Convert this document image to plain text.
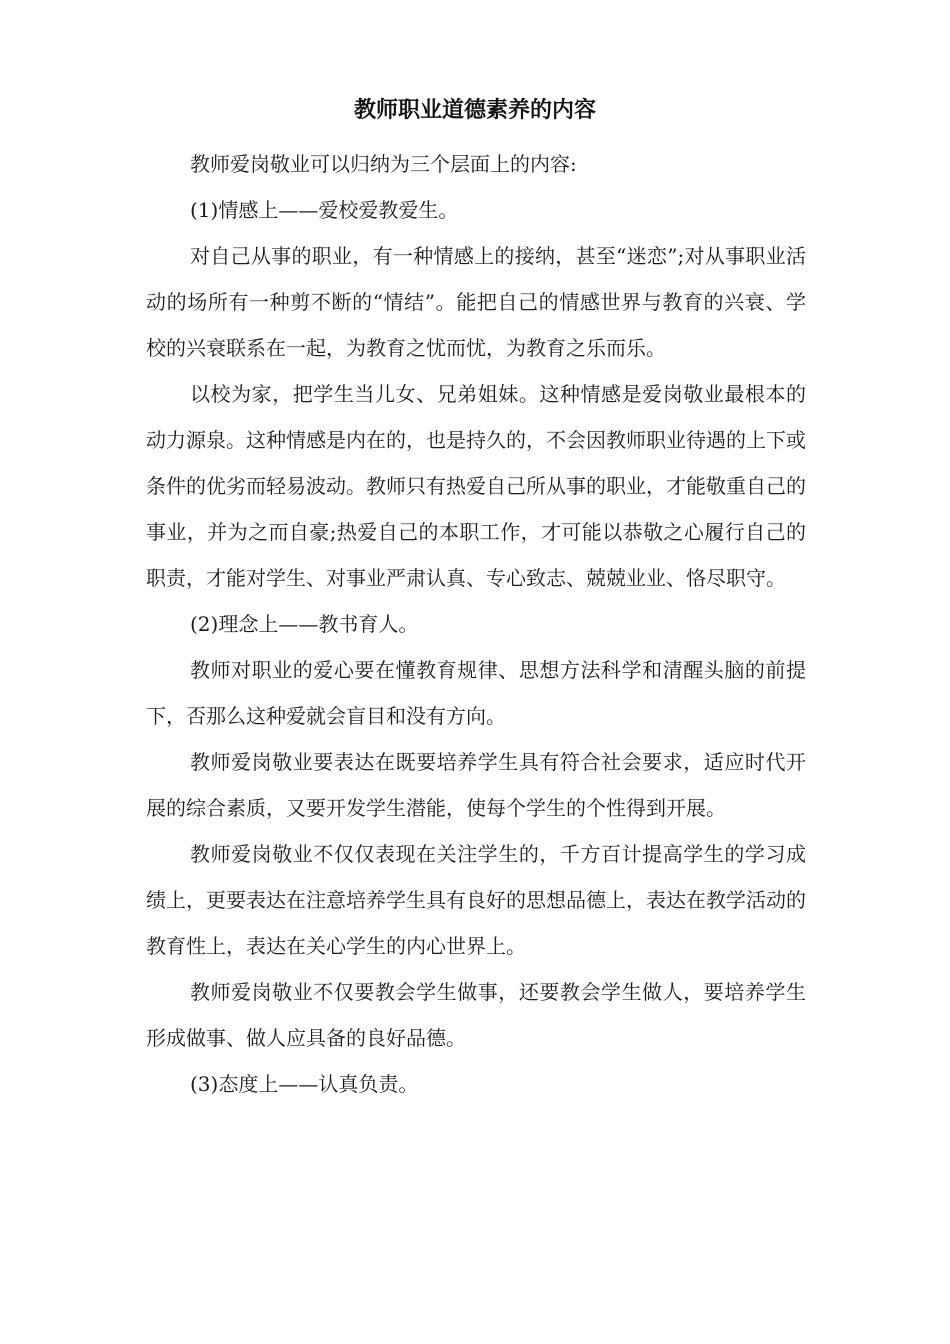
教师职业道德素养的内容

教师爱岗敬业可以归纳为三个层面上的内容:

(1)情感上——爱校爱教爱生。

对自己从事的职业，有一种情感上的接纳，甚至“迷恋”;对从事职业活动的场所有一种剪不断的“情结”。能把自己的情感世界与教育的兴衰、学校的兴衰联系在一起，为教育之忧而忧，为教育之乐而乐。

以校为家，把学生当儿女、兄弟姐妹。这种情感是爱岗敬业最根本的动力源泉。这种情感是内在的，也是持久的，不会因教师职业待遇的上下或条件的优劣而轻易波动。教师只有热爱自己所从事的职业，才能敬重自己的事业，并为之而自豪;热爱自己的本职工作，才可能以恭敬之心履行自己的职责，才能对学生、对事业严肃认真、专心致志、兢兢业业、恪尽职守。

(2)理念上——教书育人。

教师对职业的爱心要在懂教育规律、思想方法科学和清醒头脑的前提下，否那么这种爱就会盲目和没有方向。

教师爱岗敬业要表达在既要培养学生具有符合社会要求，适应时代开展的综合素质，又要开发学生潜能，使每个学生的个性得到开展。

教师爱岗敬业不仅仅表现在关注学生的，千方百计提高学生的学习成绩上，更要表达在注意培养学生具有良好的思想品德上，表达在教学活动的教育性上，表达在关心学生的内心世界上。

教师爱岗敬业不仅要教会学生做事，还要教会学生做人，要培养学生形成做事、做人应具备的良好品德。

(3)态度上——认真负责。
